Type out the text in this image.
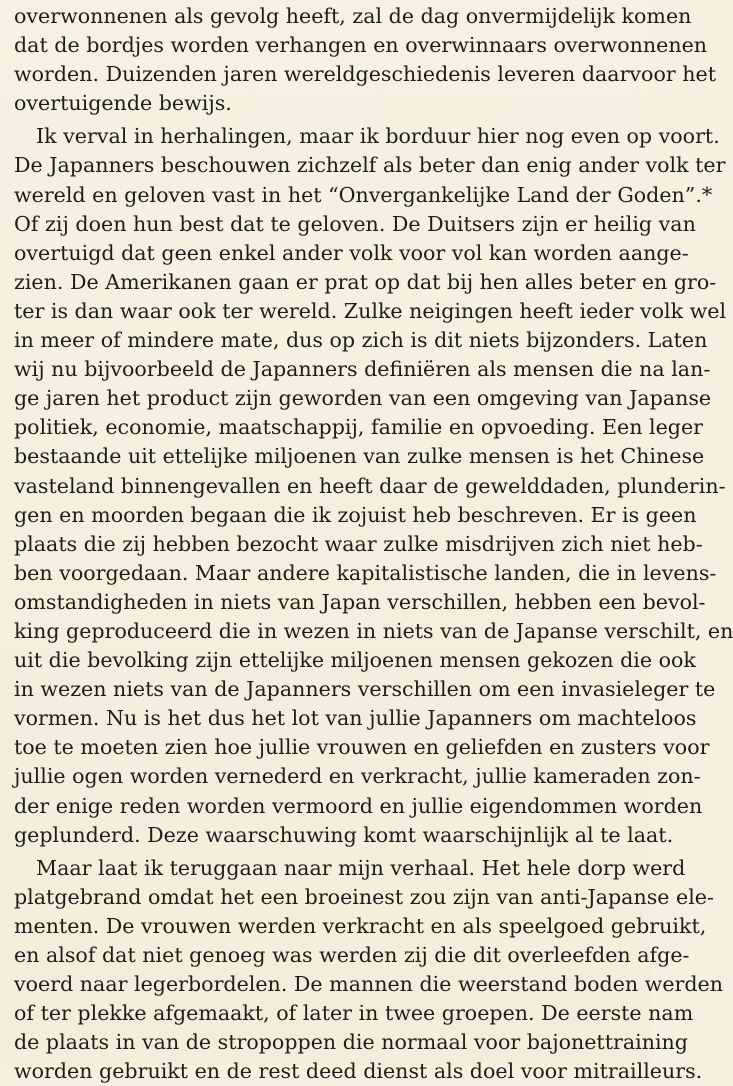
overwonnenen als gevolg heeft, zal de dag onvermijdelijk komen
dat de bordjes worden verhangen en overwinnaars overwonnenen
worden. Duizenden jaren wereldgeschiedenis leveren daarvoor het
overtuigende bewijs.
Ik verval in herhalingen, maar ik borduur hier nog even op voort.
De Japanners beschouwen zichzelf als beter dan enig ander volk ter
wereld en geloven vast in het “Onvergankelijke Land der Goden”.*
Of zij doen hun best dat te geloven. De Duitsers zijn er heilig van
overtuigd dat geen enkel ander volk voor vol kan worden aange-
zien. De Amerikanen gaan er prat op dat bij hen alles beter en gro-
ter is dan waar ook ter wereld. Zulke neigingen heeft ieder volk wel
in meer of mindere mate, dus op zich is dit niets bijzonders. Laten
wij nu bijvoorbeeld de Japanners definiëren als mensen die na lan-
ge jaren het product zijn geworden van een omgeving van Japanse
politiek, economie, maatschappij, familie en opvoeding. Een leger
bestaande uit ettelijke miljoenen van zulke mensen is het Chinese
vasteland binnengevallen en heeft daar de gewelddaden, plunderin-
gen en moorden begaan die ik zojuist heb beschreven. Er is geen
plaats die zij hebben bezocht waar zulke misdrijven zich niet heb-
ben voorgedaan. Maar andere kapitalistische landen, die in levens-
omstandigheden in niets van Japan verschillen, hebben een bevol-
king geproduceerd die in wezen in niets van de Japanse verschilt, en
uit die bevolking zijn ettelijke miljoenen mensen gekozen die ook
in wezen niets van de Japanners verschillen om een invasieleger te
vormen. Nu is het dus het lot van jullie Japanners om machteloos
toe te moeten zien hoe jullie vrouwen en geliefden en zusters voor
jullie ogen worden vernederd en verkracht, jullie kameraden zon-
der enige reden worden vermoord en jullie eigendommen worden
geplunderd. Deze waarschuwing komt waarschijnlijk al te laat.
Maar laat ik teruggaan naar mijn verhaal. Het hele dorp werd
platgebrand omdat het een broeinest zou zijn van anti-Japanse ele-
menten. De vrouwen werden verkracht en als speelgoed gebruikt,
en alsof dat niet genoeg was werden zij die dit overleefden afge-
voerd naar legerbordelen. De mannen die weerstand boden werden
of ter plekke afgemaakt, of later in twee groepen. De eerste nam
de plaats in van de stropoppen die normaal voor bajonettraining
worden gebruikt en de rest deed dienst als doel voor mitrailleurs.
